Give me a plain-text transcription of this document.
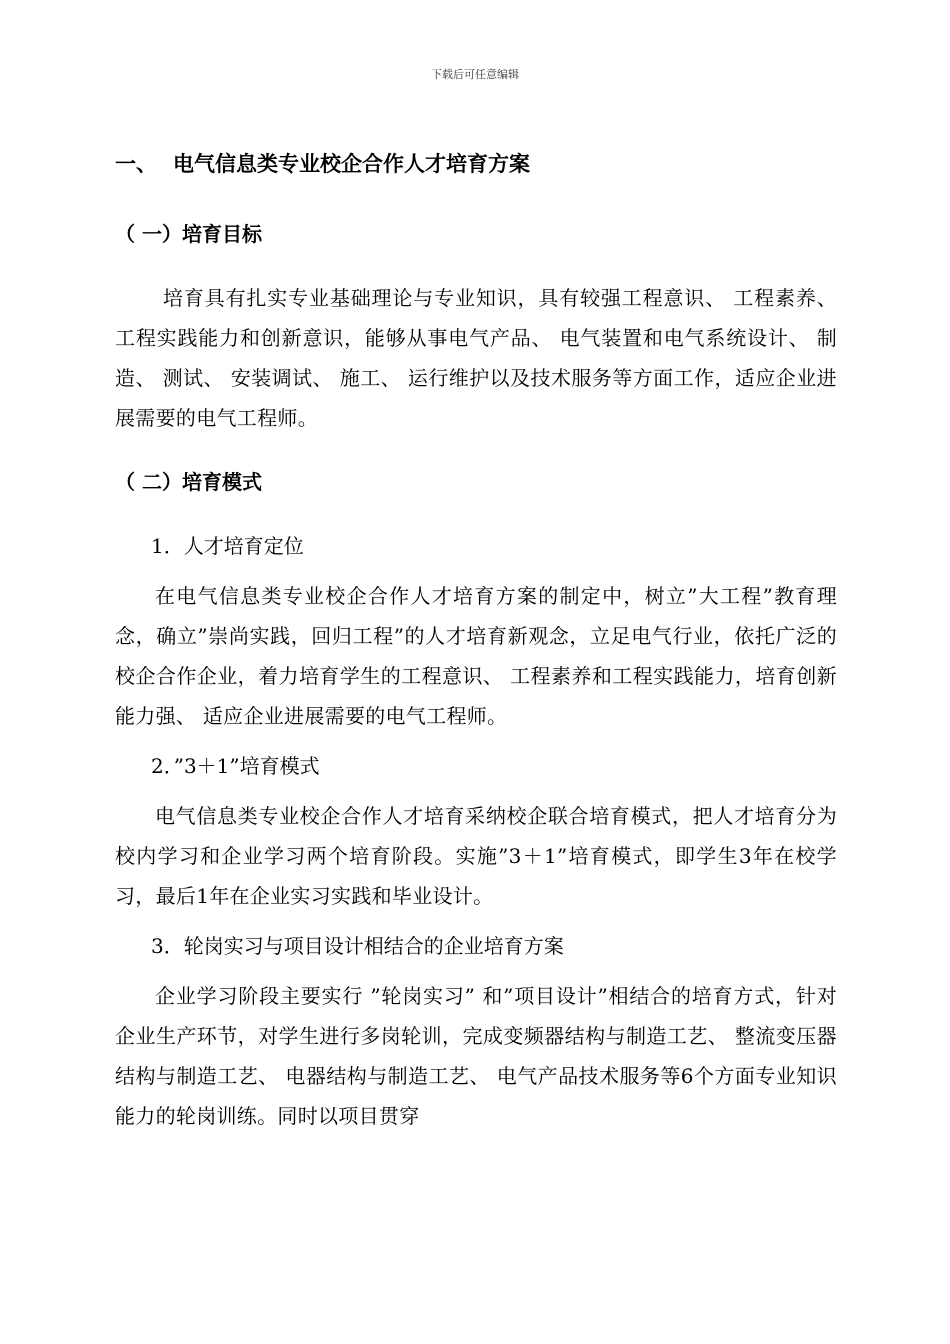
下载后可任意编辑
一、 电气信息类专业校企合作人才培育方案
（ 一）培育目标

培育具有扎实专业基础理论与专业知识，具有较强工程意识、 工程素养、 工程实践能力和创新意识，能够从事电气产品、 电气装置和电气系统设计、 制造、 测试、 安装调试、 施工、 运行维护以及技术服务等方面工作，适应企业进展需要的电气工程师。

（ 二）培育模式
1．人才培育定位

在电气信息类专业校企合作人才培育方案的制定中，树立”大工程”教育理念，确立”崇尚实践，回归工程”的人才培育新观念，立足电气行业，依托广泛的校企合作企业，着力培育学生的工程意识、 工程素养和工程实践能力，培育创新能力强、 适应企业进展需要的电气工程师。

2．”3＋1”培育模式

电气信息类专业校企合作人才培育采纳校企联合培育模式，把人才培育分为校内学习和企业学习两个培育阶段。实施”3＋1”培育模式，即学生3年在校学习，最后1年在企业实习实践和毕业设计。

3．轮岗实习与项目设计相结合的企业培育方案

企业学习阶段主要实行 ”轮岗实习” 和”项目设计”相结合的培育方式，针对企业生产环节，对学生进行多岗轮训，完成变频器结构与制造工艺、 整流变压器结构与制造工艺、 电器结构与制造工艺、 电气产品技术服务等6个方面专业知识能力的轮岗训练。同时以项目贯穿
